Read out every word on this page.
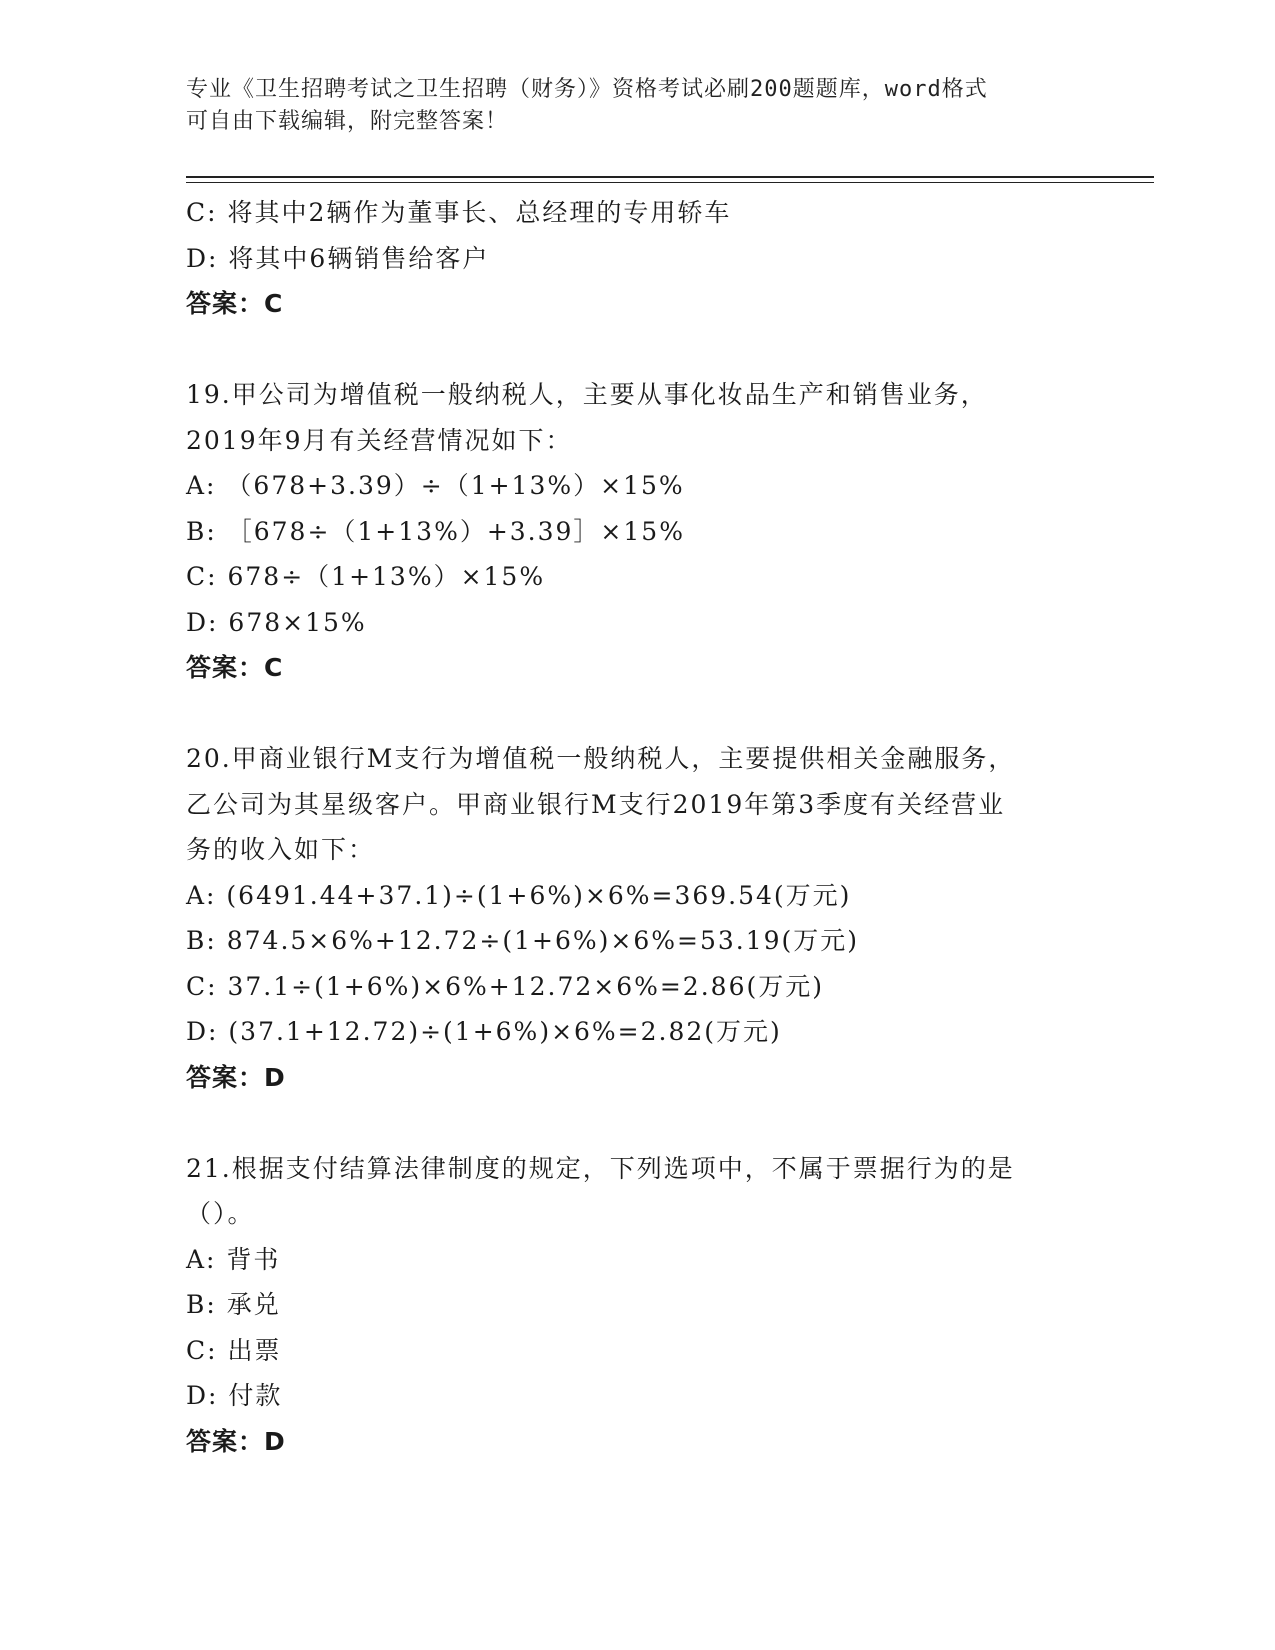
专业《卫生招聘考试之卫生招聘（财务）》资格考试必刷200题题库，word格式
可自由下载编辑，附完整答案！
C: 将其中2辆作为董事长、总经理的专用轿车
D: 将其中6辆销售给客户
答案：C
19.甲公司为增值税一般纳税人，主要从事化妆品生产和销售业务，
2019年9月有关经营情况如下：
A: （678+3.39）÷（1+13%）×15%
B: ［678÷（1+13%）+3.39］×15%
C: 678÷（1+13%）×15%
D: 678×15%
答案：C
20.甲商业银行M支行为增值税一般纳税人，主要提供相关金融服务，
乙公司为其星级客户。甲商业银行M支行2019年第3季度有关经营业
务的收入如下：
A: (6491.44+37.1)÷(1+6%)×6%=369.54(万元)
B: 874.5×6%+12.72÷(1+6%)×6%=53.19(万元)
C: 37.1÷(1+6%)×6%+12.72×6%=2.86(万元)
D: (37.1+12.72)÷(1+6%)×6%=2.82(万元)
答案：D
21.根据支付结算法律制度的规定，下列选项中，不属于票据行为的是
（）。
A: 背书
B: 承兑
C: 出票
D: 付款
答案：D
